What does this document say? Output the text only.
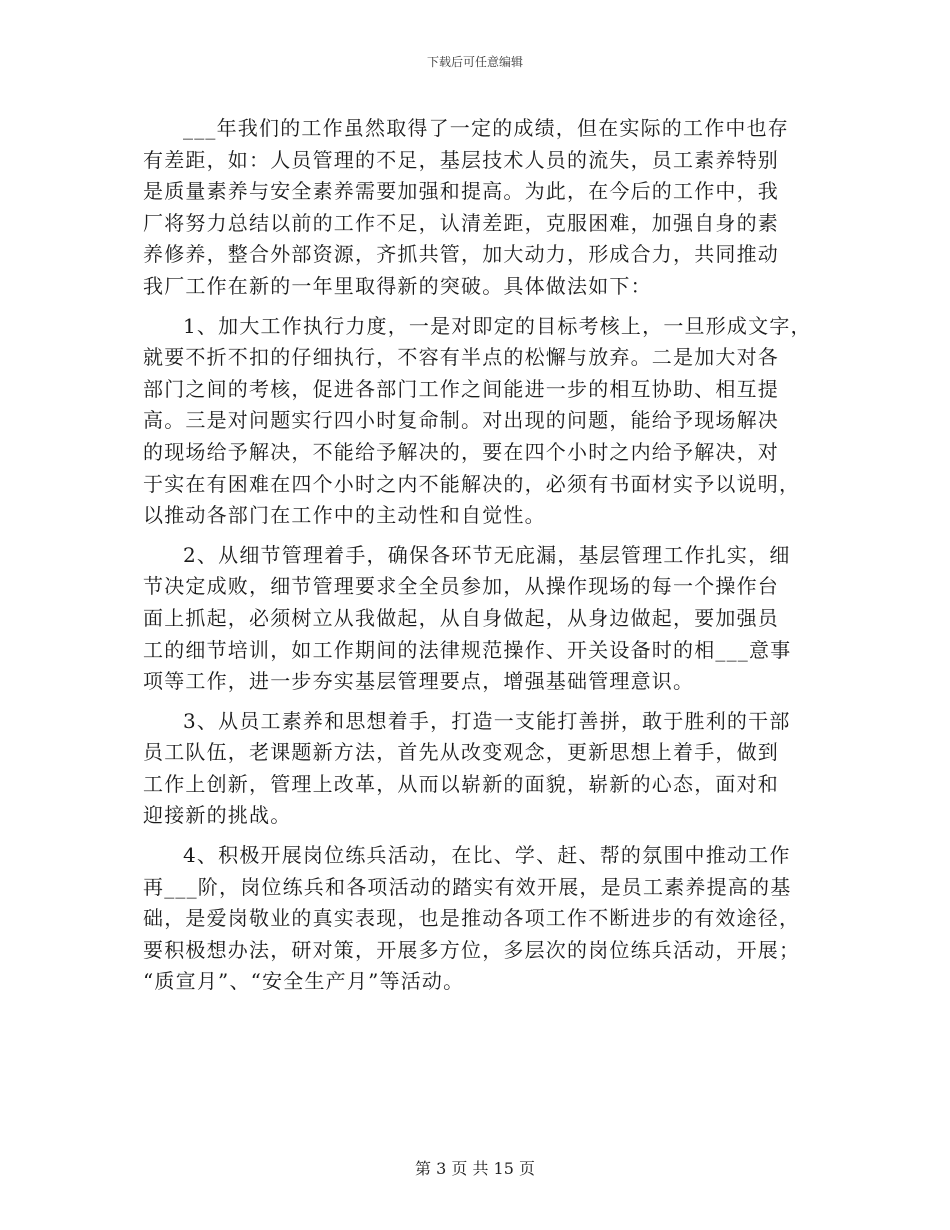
下载后可任意编辑
___年我们的工作虽然取得了一定的成绩，但在实际的工作中也存
有差距，如：人员管理的不足，基层技术人员的流失，员工素养特别
是质量素养与安全素养需要加强和提高。为此，在今后的工作中，我
厂将努力总结以前的工作不足，认清差距，克服困难，加强自身的素
养修养，整合外部资源，齐抓共管，加大动力，形成合力，共同推动
我厂工作在新的一年里取得新的突破。具体做法如下：
1、加大工作执行力度，一是对即定的目标考核上，一旦形成文字，
就要不折不扣的仔细执行，不容有半点的松懈与放弃。二是加大对各
部门之间的考核，促进各部门工作之间能进一步的相互协助、相互提
高。三是对问题实行四小时复命制。对出现的问题，能给予现场解决
的现场给予解决，不能给予解决的，要在四个小时之内给予解决，对
于实在有困难在四个小时之内不能解决的，必须有书面材实予以说明，
以推动各部门在工作中的主动性和自觉性。
2、从细节管理着手，确保各环节无庇漏，基层管理工作扎实，细
节决定成败，细节管理要求全全员参加，从操作现场的每一个操作台
面上抓起，必须树立从我做起，从自身做起，从身边做起，要加强员
工的细节培训，如工作期间的法律规范操作、开关设备时的相___意事
项等工作，进一步夯实基层管理要点，增强基础管理意识。
3、从员工素养和思想着手，打造一支能打善拼，敢于胜利的干部
员工队伍，老课题新方法，首先从改变观念，更新思想上着手，做到
工作上创新，管理上改革，从而以崭新的面貌，崭新的心态，面对和
迎接新的挑战。
4、积极开展岗位练兵活动，在比、学、赶、帮的氛围中推动工作
再___阶，岗位练兵和各项活动的踏实有效开展，是员工素养提高的基
础，是爱岗敬业的真实表现，也是推动各项工作不断进步的有效途径，
要积极想办法，研对策，开展多方位，多层次的岗位练兵活动，开展；
“质宣月”、“安全生产月”等活动。
第 3 页 共 15 页
